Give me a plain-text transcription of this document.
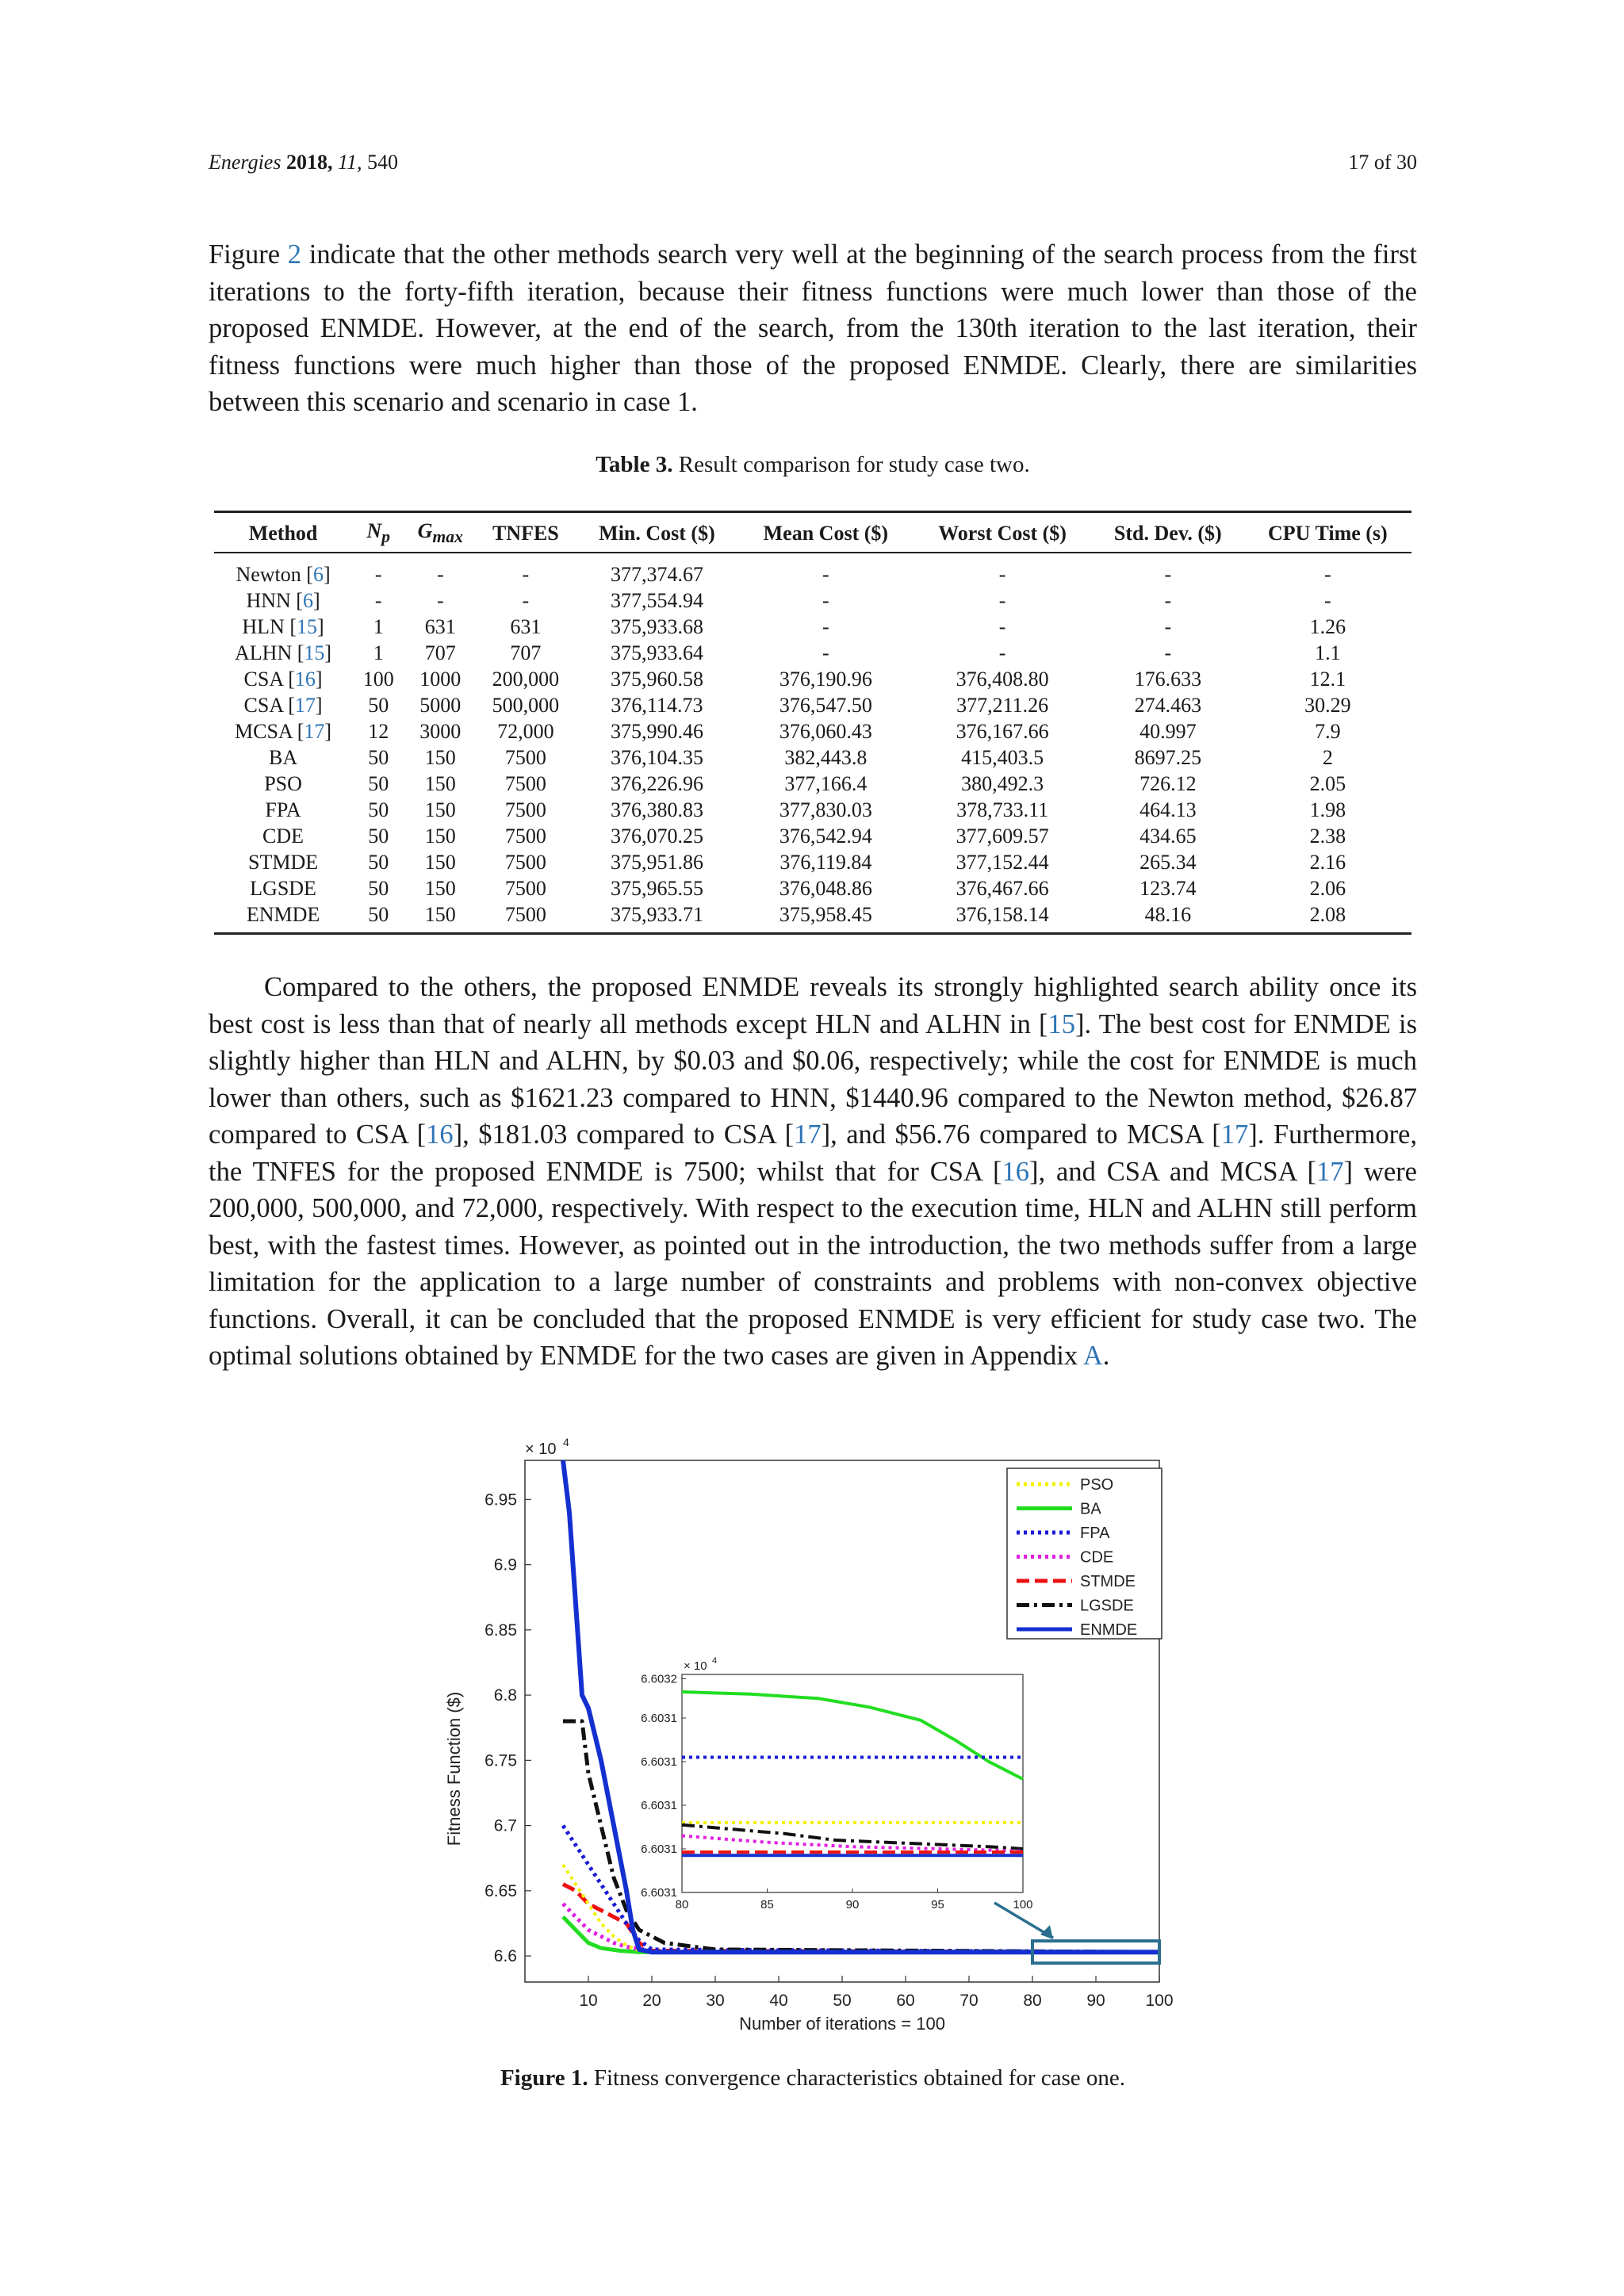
Energies 2018, 11, 540	17 of 30

Figure 2 indicate that the other methods search very well at the beginning of the search process from the first iterations to the forty-fifth iteration, because their fitness functions were much lower than those of the proposed ENMDE. However, at the end of the search, from the 130th iteration to the last iteration, their fitness functions were much higher than those of the proposed ENMDE. Clearly, there are similarities between this scenario and scenario in case 1.

Table 3. Result comparison for study case two.
Method	$N_p$	$G_{max}$	TNFES	Min. Cost ($)	Mean Cost ($)	Worst Cost ($)	Std. Dev. ($)	CPU Time (s)
Newton [6]	-	-	-	377,374.67	-	-	-	-
HNN [6]	-	-	-	377,554.94	-	-	-	-
HLN [15]	1	631	631	375,933.68	-	-	-	1.26
ALHN [15]	1	707	707	375,933.64	-	-	-	1.1
CSA [16]	100	1000	200,000	375,960.58	376,190.96	376,408.80	176.633	12.1
CSA [17]	50	5000	500,000	376,114.73	376,547.50	377,211.26	274.463	30.29
MCSA [17]	12	3000	72,000	375,990.46	376,060.43	376,167.66	40.997	7.9
BA	50	150	7500	376,104.35	382,443.8	415,403.5	8697.25	2
PSO	50	150	7500	376,226.96	377,166.4	380,492.3	726.12	2.05
FPA	50	150	7500	376,380.83	377,830.03	378,733.11	464.13	1.98
CDE	50	150	7500	376,070.25	376,542.94	377,609.57	434.65	2.38
STMDE	50	150	7500	375,951.86	376,119.84	377,152.44	265.34	2.16
LGSDE	50	150	7500	375,965.55	376,048.86	376,467.66	123.74	2.06
ENMDE	50	150	7500	375,933.71	375,958.45	376,158.14	48.16	2.08

Compared to the others, the proposed ENMDE reveals its strongly highlighted search ability once its best cost is less than that of nearly all methods except HLN and ALHN in [15]. The best cost for ENMDE is slightly higher than HLN and ALHN, by $0.03 and $0.06, respectively; while the cost for ENMDE is much lower than others, such as $1621.23 compared to HNN, $1440.96 compared to the Newton method, $26.87 compared to CSA [16], $181.03 compared to CSA [17], and $56.76 compared to MCSA [17]. Furthermore, the TNFES for the proposed ENMDE is 7500; whilst that for CSA [16], and CSA and MCSA [17] were 200,000, 500,000, and 72,000, respectively. With respect to the execution time, HLN and ALHN still perform best, with the fastest times. However, as pointed out in the introduction, the two methods suffer from a large limitation for the application to a large number of constraints and problems with non-convex objective functions. Overall, it can be concluded that the proposed ENMDE is very efficient for study case two. The optimal solutions obtained by ENMDE for the two cases are given in Appendix A.

10	20	30	40	50	60	70	80	90 100
6.6
6.65
6.7
6.75
6.8
6.85
6.9
6.95
× 10 4
Number of iterations = 100
Fitness Function ($)
80	85	90	95	100
6.6031
6.6031
6.6031
6.6031
6.6031
6.6032
× 10 4
PSO
BA
FPA
CDE
STMDE
LGSDE
ENMDE
Figure 1. Fitness convergence characteristics obtained for case one.
